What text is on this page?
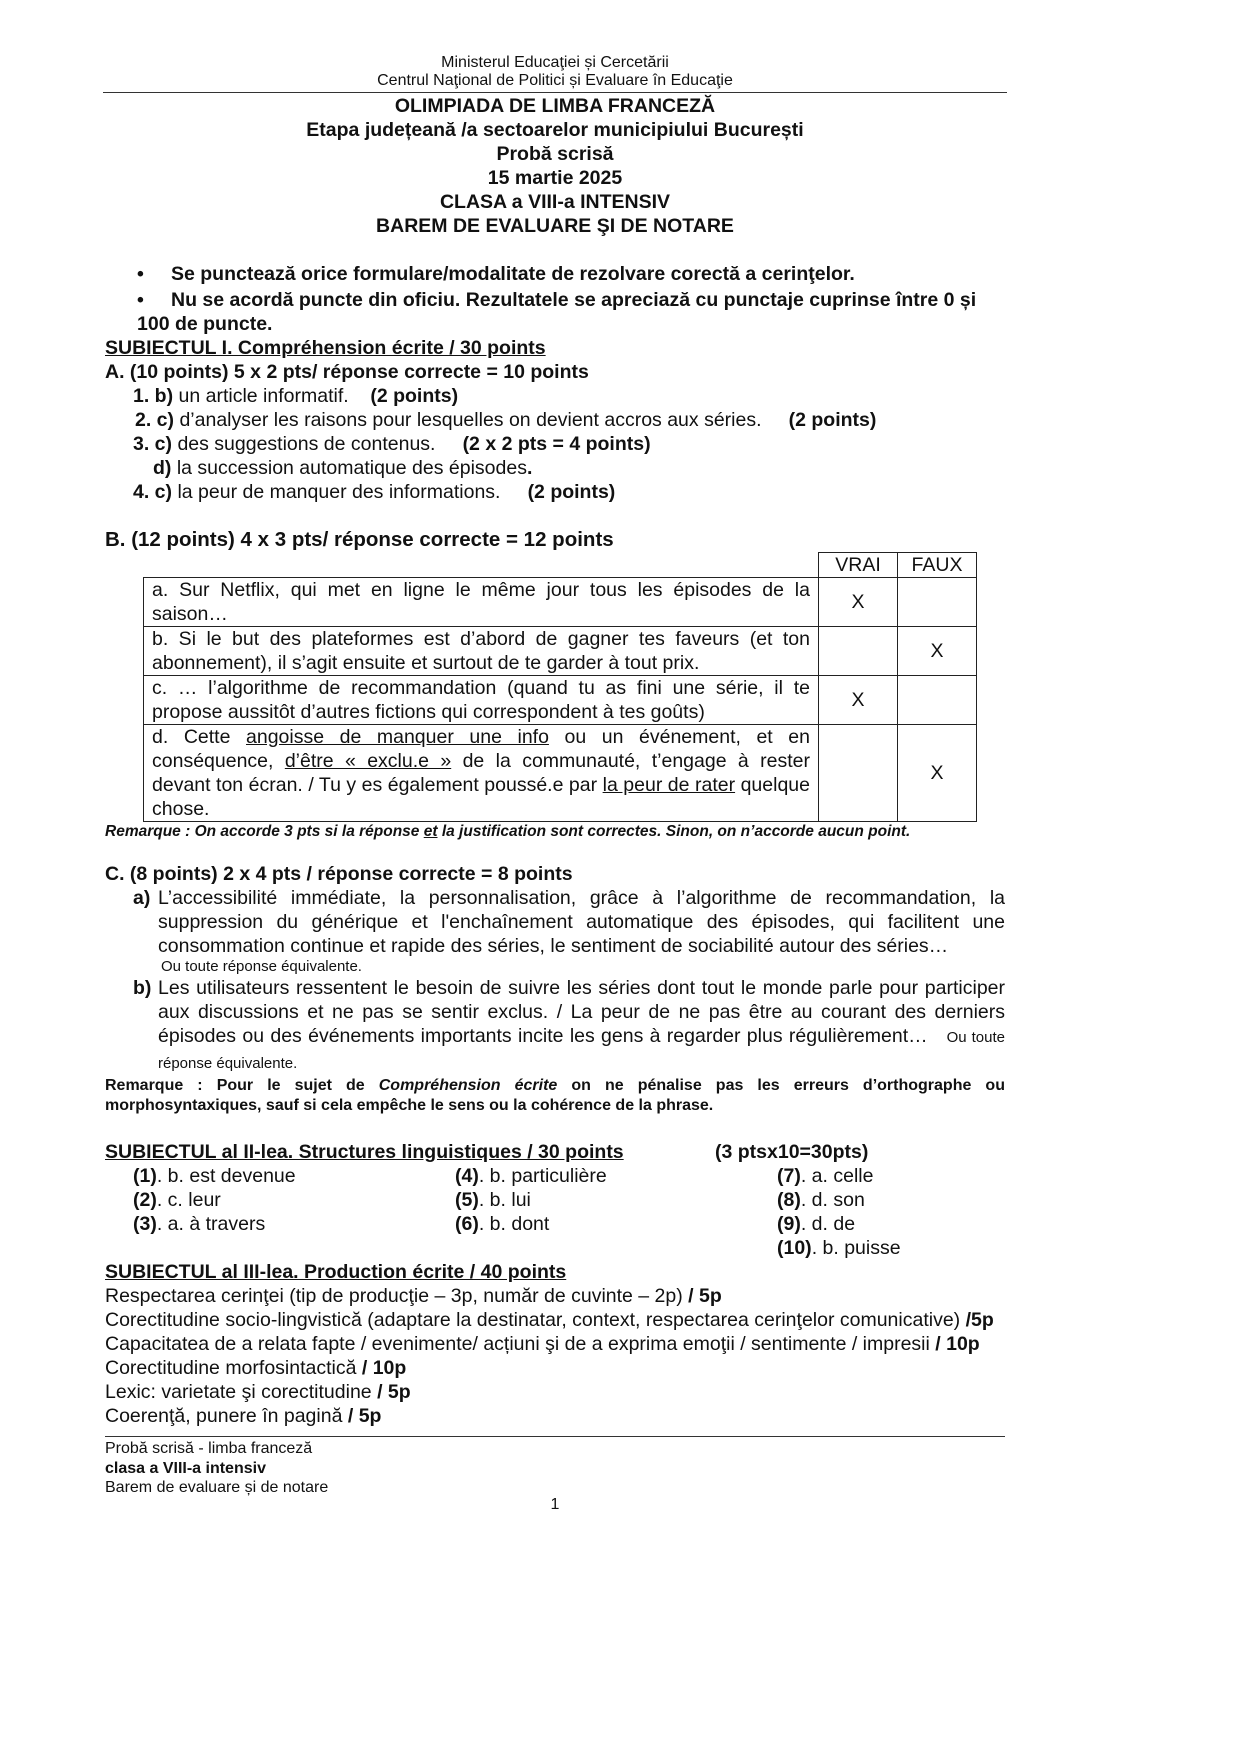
Ministerul Educaţiei și Cercetării
Centrul Naţional de Politici și Evaluare în Educaţie
OLIMPIADA DE LIMBA FRANCEZĂ
Etapa județeană /a sectoarelor municipiului București
Probă scrisă
15 martie 2025
CLASA a VIII-a INTENSIV
BAREM DE EVALUARE ŞI DE NOTARE
•	Se punctează orice formulare/modalitate de rezolvare corectă a cerinţelor.
• Nu se acordă puncte din oficiu. Rezultatele se apreciază cu punctaje cuprinse între 0 și 100 de puncte.
SUBIECTUL I. Compréhension écrite / 30 points
A. (10 points) 5 x 2 pts/ réponse correcte = 10 points
1. b) un article informatif. (2 points)
2. c) d’analyser les raisons pour lesquelles on devient accros aux séries. (2 points)
3. c) des suggestions de contenus. (2 x 2 pts = 4 points)
d) la succession automatique des épisodes.
4. c) la peur de manquer des informations. (2 points)
B. (12 points) 4 x 3 pts/ réponse correcte = 12 points
	VRAI	FAUX
a. Sur Netflix, qui met en ligne le même jour tous les épisodes de la saison…	X	
b. Si le but des plateformes est d’abord de gagner tes faveurs (et ton abonnement), il s’agit ensuite et surtout de te garder à tout prix.		X
c. … l’algorithme de recommandation (quand tu as fini une série, il te propose aussitôt d’autres fictions qui correspondent à tes goûts)	X	
d. Cette angoisse de manquer une info ou un événement, et en conséquence, d’être « exclu.e » de la communauté, t’engage à rester devant ton écran. / Tu y es également poussé.e par la peur de rater quelque chose.		X
Remarque : On accorde 3 pts si la réponse et la justification sont correctes. Sinon, on n’accorde aucun point.
C. (8 points) 2 x 4 pts / réponse correcte = 8 points
a) L’accessibilité immédiate, la personnalisation, grâce à l’algorithme de recommandation, la suppression du générique et l'enchaînement automatique des épisodes, qui facilitent une consommation continue et rapide des séries, le sentiment de sociabilité autour des séries…
Ou toute réponse équivalente.
b) Les utilisateurs ressentent le besoin de suivre les séries dont tout le monde parle pour participer aux discussions et ne pas se sentir exclus. / La peur de ne pas être au courant des derniers épisodes ou des événements importants incite les gens à regarder plus régulièrement… Ou toute réponse équivalente.
Remarque : Pour le sujet de Compréhension écrite on ne pénalise pas les erreurs d’orthographe ou morphosyntaxiques, sauf si cela empêche le sens ou la cohérence de la phrase.
SUBIECTUL al II-lea. Structures linguistiques / 30 points	(3 ptsx10=30pts)
(1). b. est devenue	(4). b. particulière	(7). a. celle
(2). c. leur	(5). b. lui	(8). d. son
(3). a. à travers	(6). b. dont	(9). d. de
(10). b. puisse
SUBIECTUL al III-lea. Production écrite / 40 points
Respectarea cerinţei (tip de producţie – 3p, număr de cuvinte – 2p) / 5p
Corectitudine socio-lingvistică (adaptare la destinatar, context, respectarea cerinţelor comunicative) /5p
Capacitatea de a relata fapte / evenimente/ acțiuni şi de a exprima emoţii / sentimente / impresii / 10p
Corectitudine morfosintactică / 10p
Lexic: varietate şi corectitudine / 5p
Coerenţă, punere în pagină / 5p
Probă scrisă - limba franceză
clasa a VIII-a intensiv
Barem de evaluare și de notare
1
